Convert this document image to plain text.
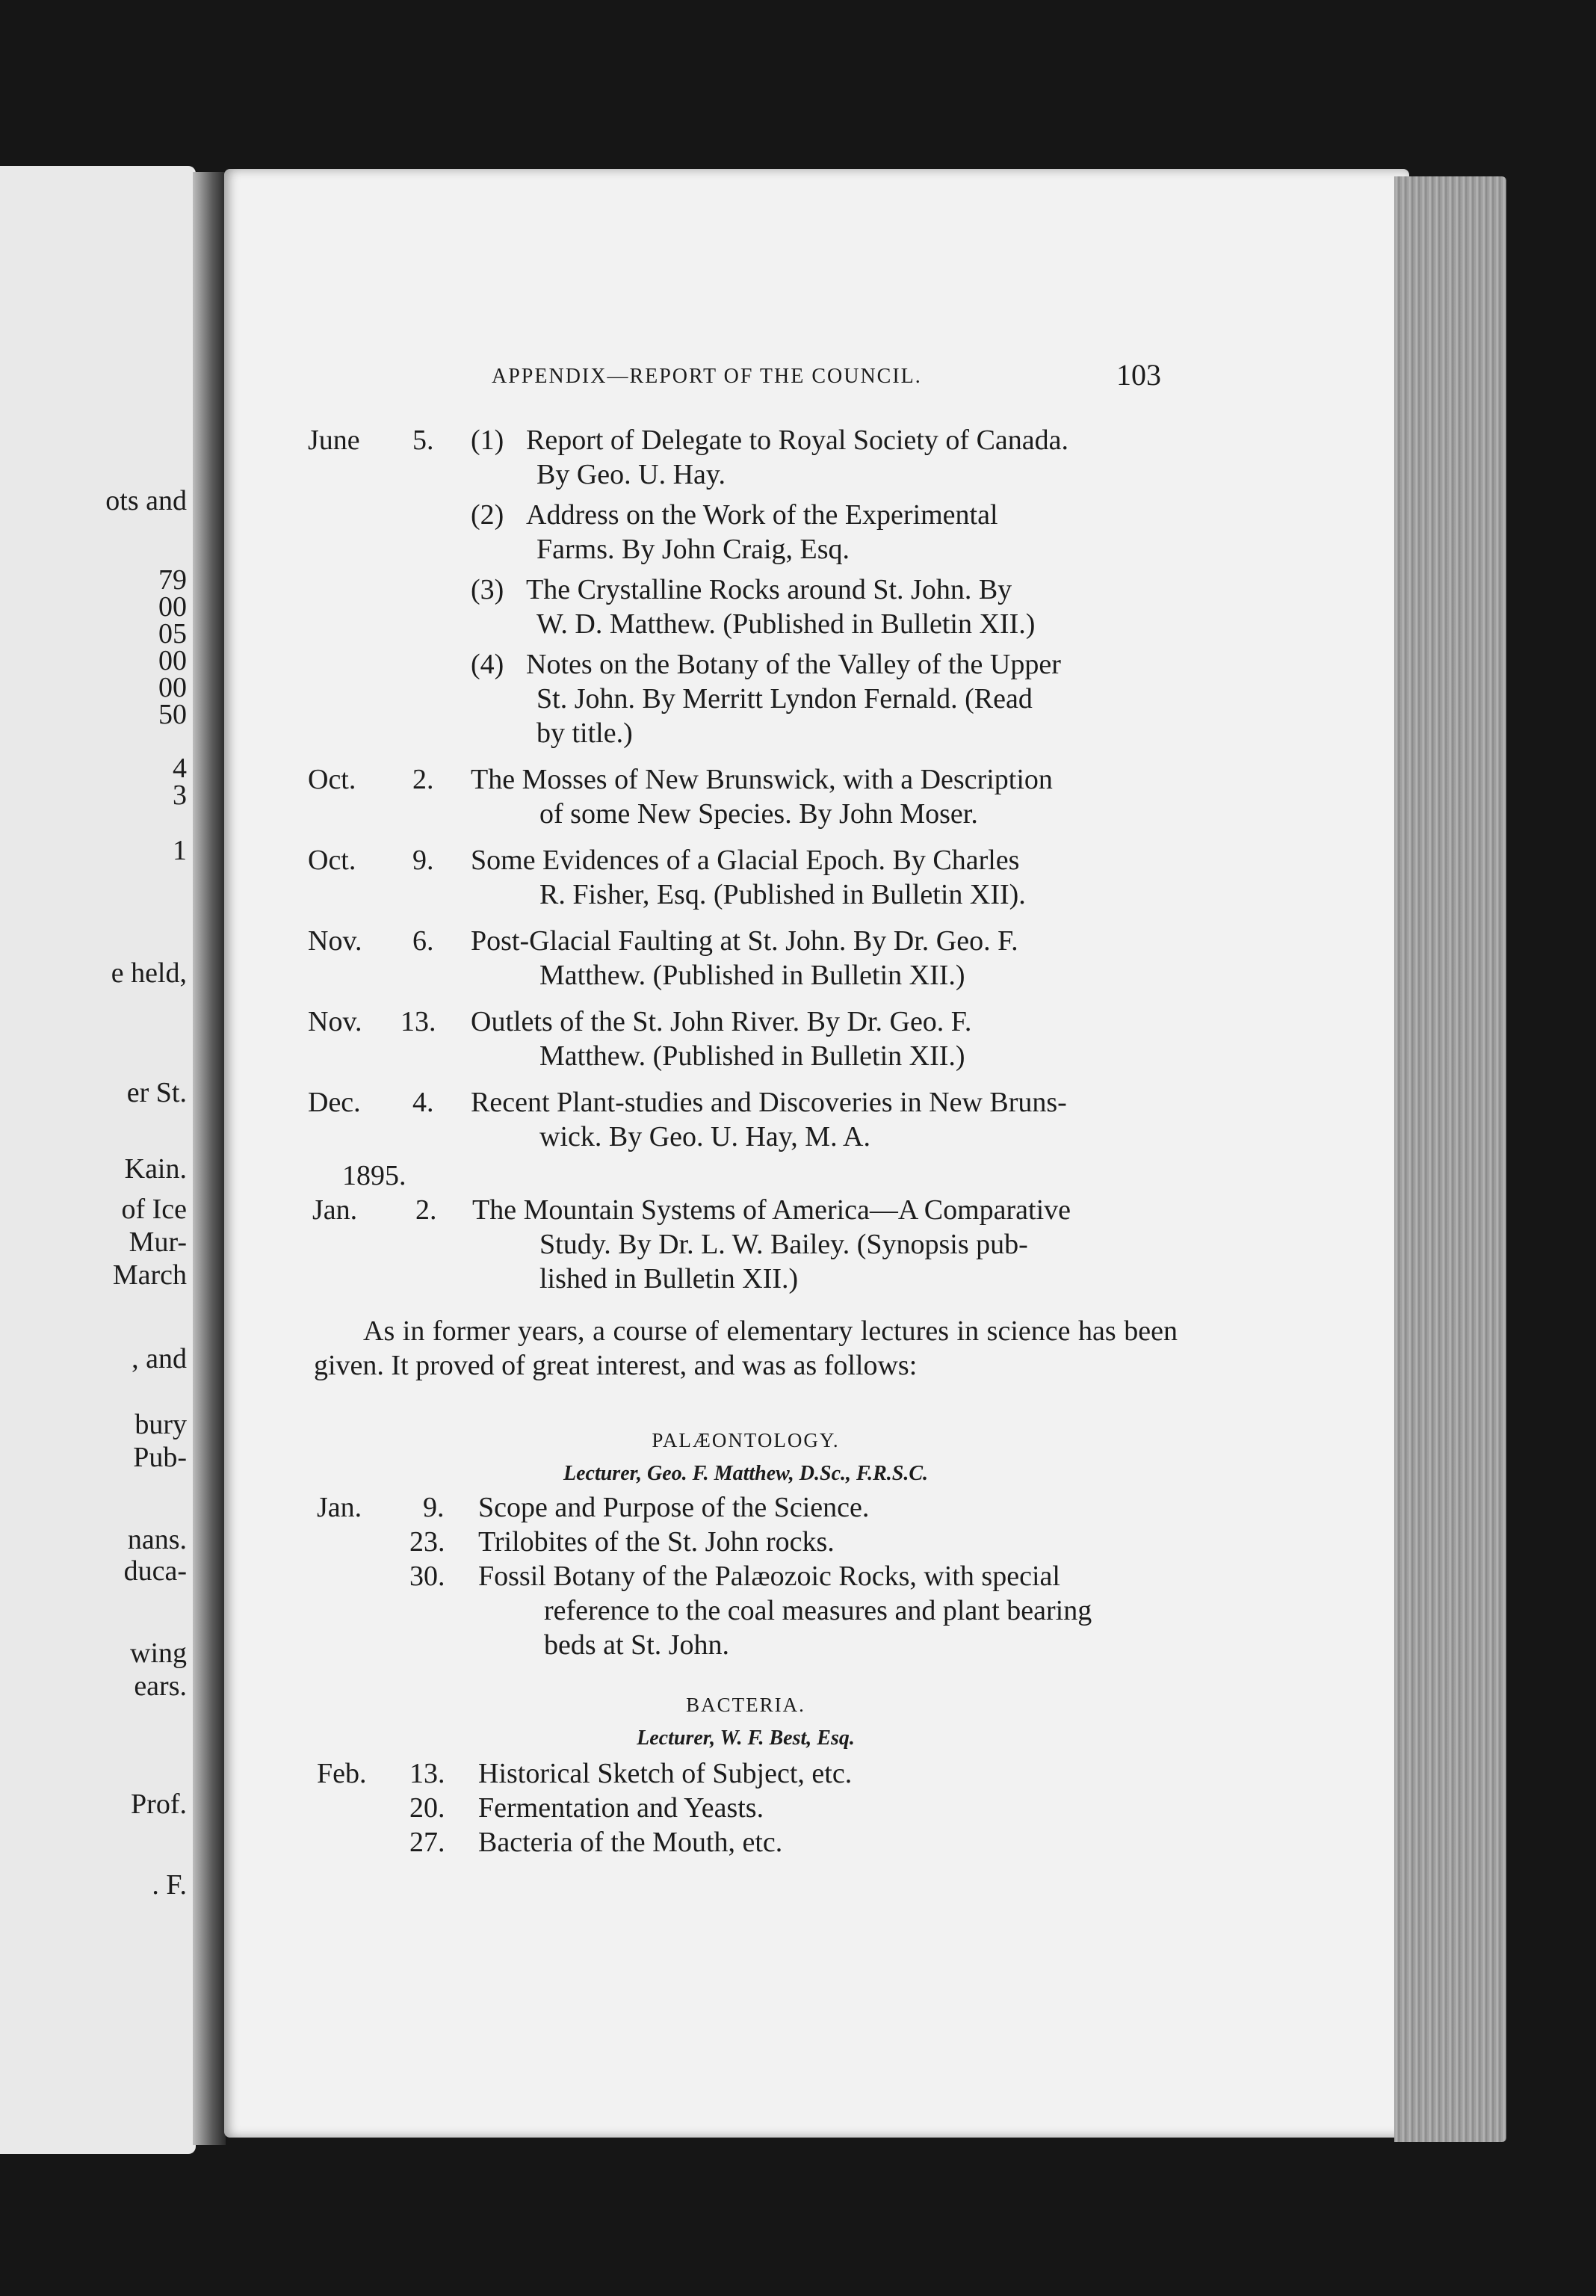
ots and
79
00
05
00
00
50
4
3
1
e held,
er St.
Kain.
of Ice
Mur-
March
, and
bury
Pub-
nans.
duca-
wing
ears.
Prof.
. F.
APPENDIX—REPORT OF THE COUNCIL.	103
June 5. (1) Report of Delegate to Royal Society of Canada.
By Geo. U. Hay.
(2) Address on the Work of the Experimental
Farms. By John Craig, Esq.
(3) The Crystalline Rocks around St. John. By
W. D. Matthew. (Published in Bulletin XII.)
(4) Notes on the Botany of the Valley of the Upper
St. John. By Merritt Lyndon Fernald. (Read
by title.)
Oct. 2. The Mosses of New Brunswick, with a Description
of some New Species. By John Moser.
Oct. 9. Some Evidences of a Glacial Epoch. By Charles
R. Fisher, Esq. (Published in Bulletin XII).
Nov. 6. Post-Glacial Faulting at St. John. By Dr. Geo. F.
Matthew. (Published in Bulletin XII.)
Nov. 13. Outlets of the St. John River. By Dr. Geo. F.
Matthew. (Published in Bulletin XII.)
Dec. 4. Recent Plant-studies and Discoveries in New Bruns-
wick. By Geo. U. Hay, M. A.
1895.
Jan. 2. The Mountain Systems of America—A Comparative
Study. By Dr. L. W. Bailey. (Synopsis pub-
lished in Bulletin XII.)
As in former years, a course of elementary lectures in science has been given. It proved of great interest, and was as follows:
PALÆONTOLOGY.
Lecturer, Geo. F. Matthew, D.Sc., F.R.S.C.
Jan. 9. Scope and Purpose of the Science.
23. Trilobites of the St. John rocks.
30. Fossil Botany of the Palæozoic Rocks, with special
reference to the coal measures and plant bearing
beds at St. John.
BACTERIA.
Lecturer, W. F. Best, Esq.
Feb. 13. Historical Sketch of Subject, etc.
20. Fermentation and Yeasts.
27. Bacteria of the Mouth, etc.
